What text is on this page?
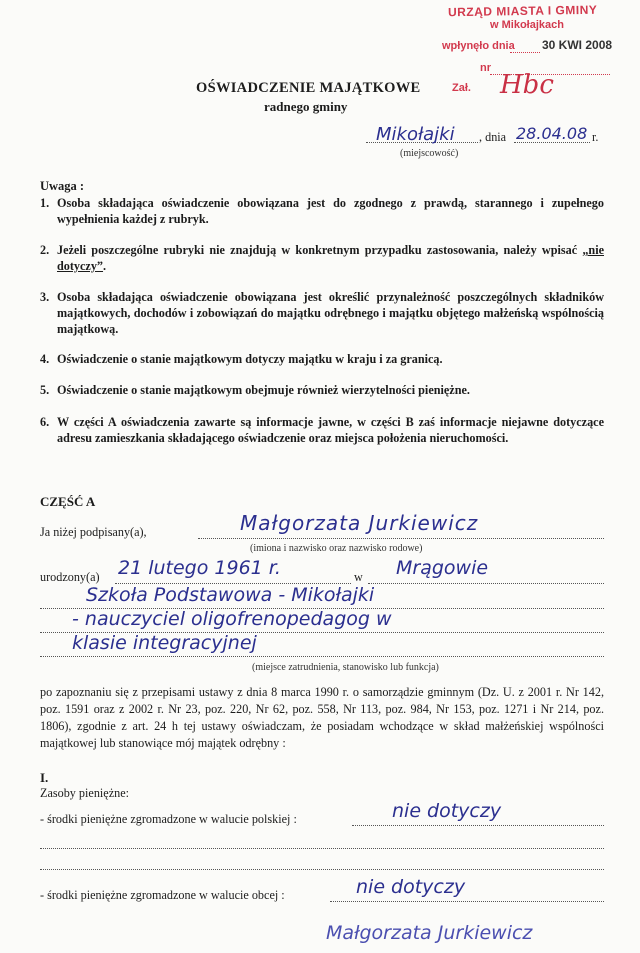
URZĄD MIASTA I GMINY
w Mikołajkach
wpłynęło dnia 30 KWI 2008
nr
Zał. Hbc
OŚWIADCZENIE MAJĄTKOWE
radnego gminy
Mikołajki , dnia 28.04.08 r.
(miejscowość)
Uwaga :
1. Osoba składająca oświadczenie obowiązana jest do zgodnego z prawdą, starannego i zupełnego wypełnienia każdej z rubryk.
2. Jeżeli poszczególne rubryki nie znajdują w konkretnym przypadku zastosowania, należy wpisać „nie dotyczy”.
3. Osoba składająca oświadczenie obowiązana jest określić przynależność poszczególnych składników majątkowych, dochodów i zobowiązań do majątku odrębnego i majątku objętego małżeńską wspólnością majątkową.
4. Oświadczenie o stanie majątkowym dotyczy majątku w kraju i za granicą.
5. Oświadczenie o stanie majątkowym obejmuje również wierzytelności pieniężne.
6. W części A oświadczenia zawarte są informacje jawne, w części B zaś informacje niejawne dotyczące adresu zamieszkania składającego oświadczenie oraz miejsca położenia nieruchomości.
CZĘŚĆ A
Ja niżej podpisany(a),	Małgorzata Jurkiewicz
(imiona i nazwisko oraz nazwisko rodowe)
urodzony(a) 21 lutego 1961 r.	w Mrągowie
Szkoła Podstawowa - Mikołajki
- nauczyciel oligofrenopedagog w
klasie integracyjnej
(miejsce zatrudnienia, stanowisko lub funkcja)
po zapoznaniu się z przepisami ustawy z dnia 8 marca 1990 r. o samorządzie gminnym (Dz. U. z 2001 r. Nr 142, poz. 1591 oraz z 2002 r. Nr 23, poz. 220, Nr 62, poz. 558, Nr 113, poz. 984, Nr 153, poz. 1271 i Nr 214, poz. 1806), zgodnie z art. 24 h tej ustawy oświadczam, że posiadam wchodzące w skład małżeńskiej wspólności majątkowej lub stanowiące mój majątek odrębny :
I.
Zasoby pieniężne:
- środki pieniężne zgromadzone w walucie polskiej :	nie dotyczy
- środki pieniężne zgromadzone w walucie obcej :	nie dotyczy
Małgorzata Jurkiewicz
